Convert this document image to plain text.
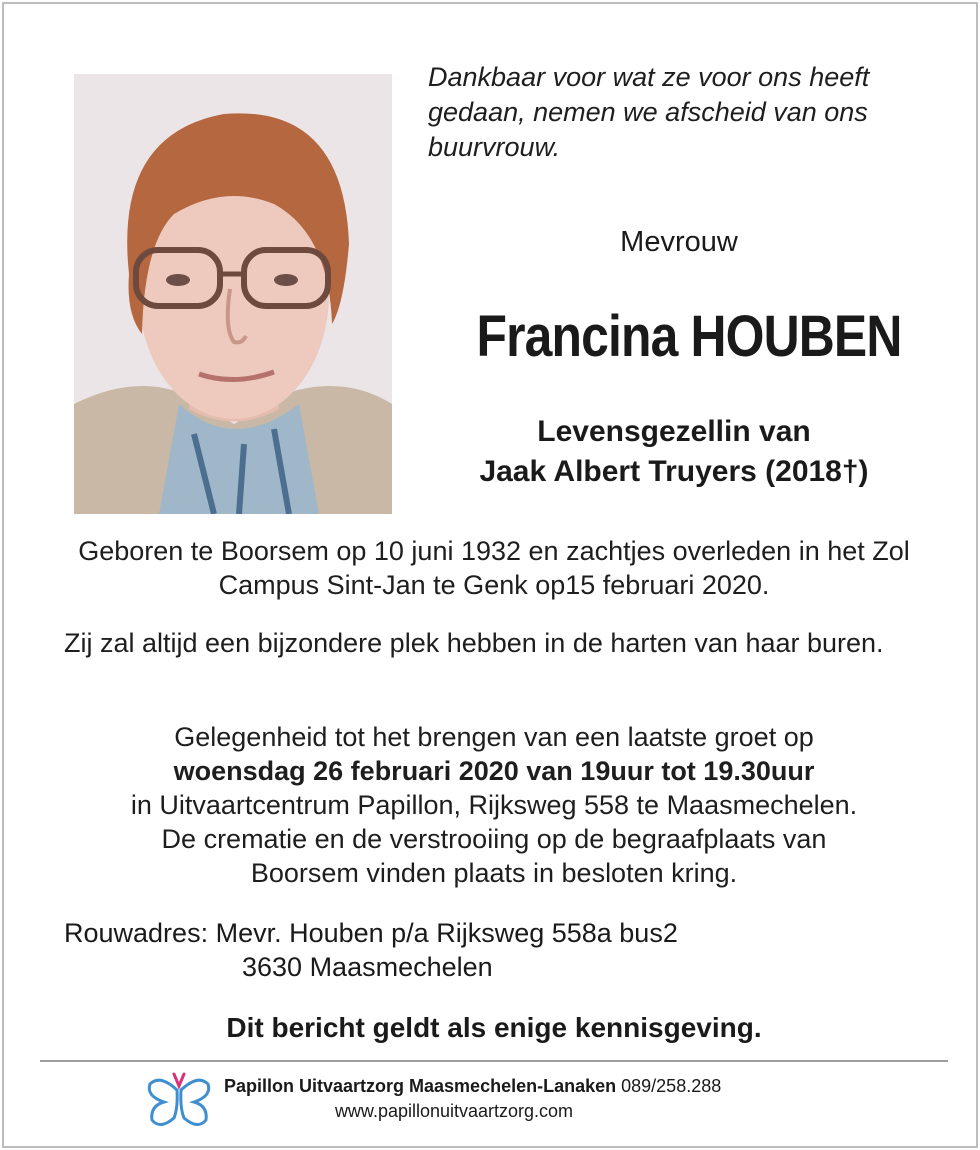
Dankbaar voor wat ze voor ons heeft gedaan, nemen we afscheid van ons buurvrouw.
Mevrouw
Francina HOUBEN
Levensgezellin van
Jaak Albert Truyers (2018†)
Geboren te Boorsem op 10 juni 1932 en zachtjes overleden in het Zol Campus Sint-Jan te Genk op15 februari 2020.
Zij zal altijd een bijzondere plek hebben in de harten van haar buren.
Gelegenheid tot het brengen van een laatste groet op
woensdag 26 februari 2020 van 19uur tot 19.30uur
in Uitvaartcentrum Papillon, Rijksweg 558 te Maasmechelen.
De crematie en de verstrooiing op de begraafplaats van
Boorsem vinden plaats in besloten kring.
Rouwadres: Mevr. Houben p/a Rijksweg 558a bus2
3630 Maasmechelen
Dit bericht geldt als enige kennisgeving.
Papillon Uitvaartzorg Maasmechelen-Lanaken 089/258.288
www.papillonuitvaartzorg.com
